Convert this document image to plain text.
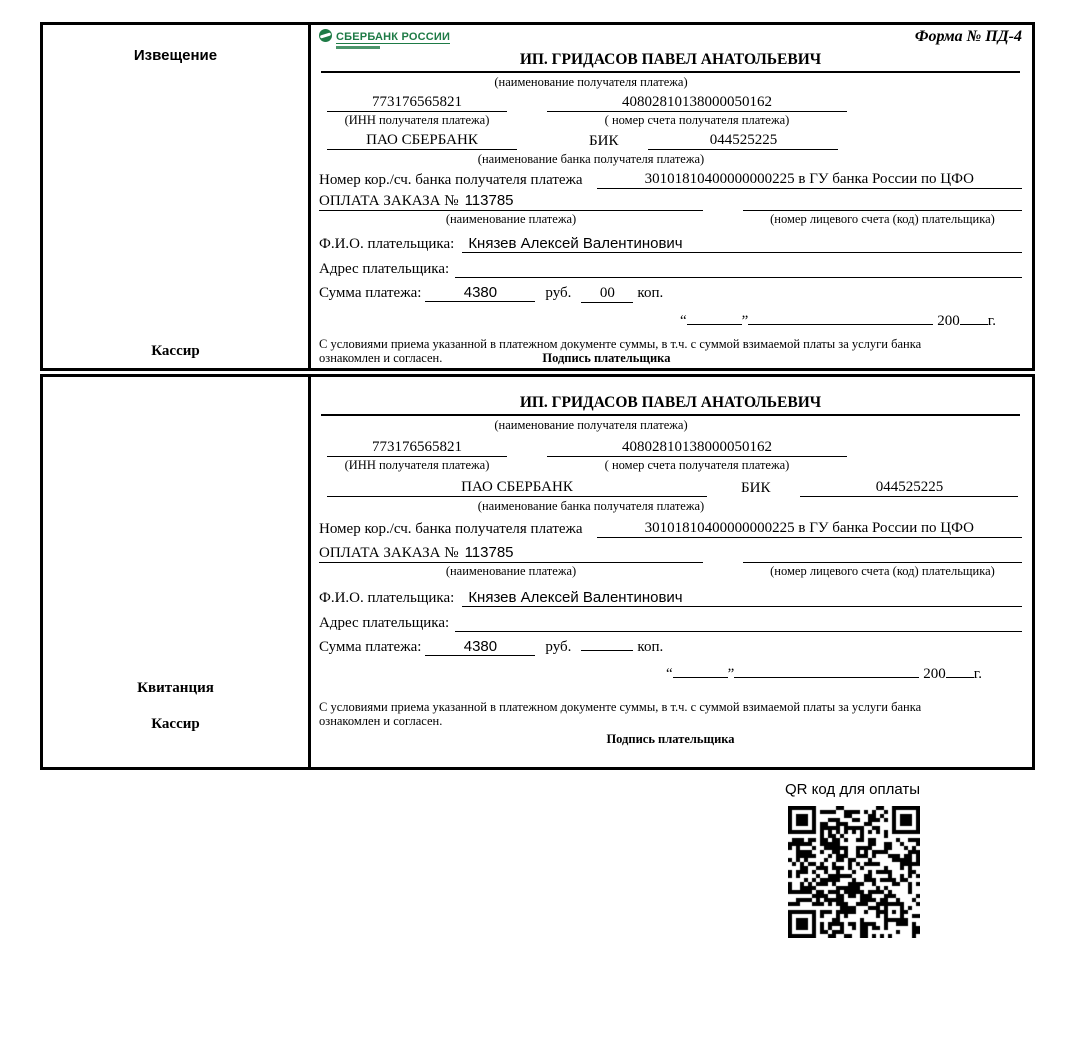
Извещение
Кассир
СБЕРБАНК РОССИИ	Форма № ПД-4
ИП. ГРИДАСОВ ПАВЕЛ АНАТОЛЬЕВИЧ
(наименование получателя платежа)
773176565821	40802810138000050162
(ИНН получателя платежа)	( номер счета получателя платежа)
ПАО СБЕРБАНК	БИК	044525225
(наименование банка получателя платежа)
Номер кор./сч. банка получателя платежа	30101810400000000225 в ГУ банка России по ЦФО
ОПЛАТА ЗАКАЗА № 113785
(наименование платежа)	(номер лицевого счета (код) плательщика)
Ф.И.О. плательщика: Князев Алексей Валентинович
Адрес плательщика:
Сумма платежа:	4380	руб.	00	коп.
“	”	200 г.
С условиями приема указанной в платежном документе суммы, в т.ч. с суммой взимаемой платы за услуги банка
ознакомлен и согласен.	Подпись плательщика
Квитанция
Кассир
ИП. ГРИДАСОВ ПАВЕЛ АНАТОЛЬЕВИЧ
(наименование получателя платежа)
773176565821	40802810138000050162
(ИНН получателя платежа)	( номер счета получателя платежа)
ПАО СБЕРБАНК	БИК	044525225
(наименование банка получателя платежа)
Номер кор./сч. банка получателя платежа	30101810400000000225 в ГУ банка России по ЦФО
ОПЛАТА ЗАКАЗА № 113785
(наименование платежа)	(номер лицевого счета (код) плательщика)
Ф.И.О. плательщика: Князев Алексей Валентинович
Адрес плательщика:
Сумма платежа:	4380	руб.	коп.
“	”	200 г.
С условиями приема указанной в платежном документе суммы, в т.ч. с суммой взимаемой платы за услуги банка
ознакомлен и согласен.
Подпись плательщика
QR код для оплаты
